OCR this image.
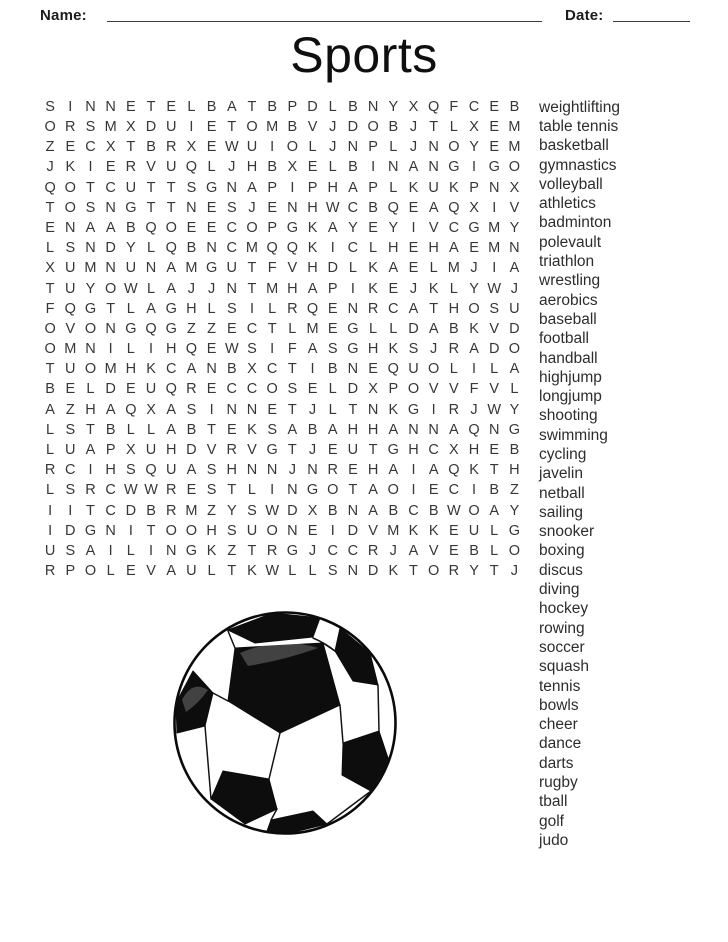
Name:	Date:
Sports
S I N N E T E L B A T B P D L B N Y X Q F C E B
O R S M X D U I E T O M B V J D O B J T L X E M
Z E C X T B R X E W U I O L J N P L J N O Y E M
J K I E R V U Q L J H B X E L B I N A N G I G O
Q O T C U T T S G N A P I P H A P L K U K P N X
T O S N G T T N E S J E N H W C B Q E A Q X I V
E N A A B Q O E E C O P G K A Y E Y I V C G M Y
L S N D Y L Q B N C M Q Q K I C L H E H A E M N
X U M N U N A M G U T F V H D L K A E L M J	I A
T U Y O W L A J J N T M H A P I K E J K L Y W J
F Q G T L A G H L S I L R Q E N R C A T H O S U
O V O N G Q G Z Z E C T L M E G L L D A B K V D
O M N I L I H Q E W S I F A S G H K S J R A D O
T U O M H K C A N B X C T I B N E Q U O L I L A
B E L D E U Q R E C C O S E L D X P O V V F V L
A Z H A Q X A S I N N E T J L T N K G I R J W Y
L S T B L L A B T E K S A B A H H A N N A Q N G
L U A P X U H D V R V G T J E U T G H C X H E B
R C I H S Q U A S H N N J N R E H A I A Q K T H
L S R C W W R E S T L I N G O T A O I E C I B Z
I	I T C D B R M Z Y S W D X B N A B C B W O A Y
I D G N I T O O H S U O N E I D V M K K E U L G
U S A I L I N G K Z T R G J C C R J A V E B L O
R P O L E V A U L T K W L L S N D K T O R Y T J
weightlifting
table tennis
basketball
gymnastics
volleyball
athletics
badminton
polevault
triathlon
wrestling
aerobics
baseball
football
handball
highjump
longjump
shooting
swimming
cycling
javelin
netball
sailing
snooker
boxing
discus
diving
hockey
rowing
soccer
squash
tennis
bowls
cheer
dance
darts
rugby
tball
golf
judo
